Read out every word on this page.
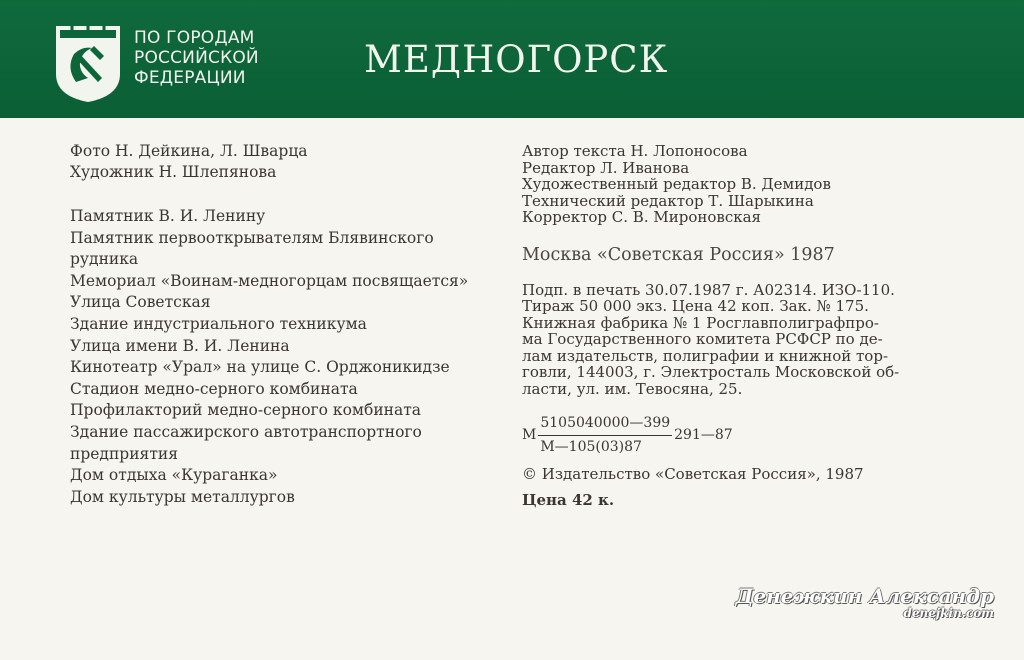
ПО ГОРОДАМ
РОССИЙСКОЙ
ФЕДЕРАЦИИ	МЕДНОГОРСК
Фото Н. Дейкина, Л. Шварца
Художник Н. Шлепянова
Памятник В. И. Ленину
Памятник первооткрывателям Блявинского
рудника
Мемориал «Воинам-медногорцам посвящается»
Улица Советская
Здание индустриального техникума
Улица имени В. И. Ленина
Кинотеатр «Урал» на улице С. Орджоникидзе
Стадион медно-серного комбината
Профилакторий медно-серного комбината
Здание пассажирского автотранспортного
предприятия
Дом отдыха «Кураганка»
Дом культуры металлургов
Автор текста Н. Лопоносова
Редактор Л. Иванова
Художественный редактор В. Демидов
Технический редактор Т. Шарыкина
Корректор С. В. Мироновская
Москва «Советская Россия» 1987
Подп. в печать 30.07.1987 г. А02314. ИЗО-110.
Тираж 50 000 экз. Цена 42 коп. Зак. № 175.
Книжная фабрика № 1 Росглавполиграфпро-
ма Государственного комитета РСФСР по де-
лам издательств, полиграфии и книжной тор-
говли, 144003, г. Электросталь Московской об-
ласти, ул. им. Тевосяна, 25.
М $\frac{5105040000—399}{М—105(03)87}$ 291—87
© Издательство «Советская Россия», 1987
Цена 42 к.
Денежкин Александр
denejkin.com
